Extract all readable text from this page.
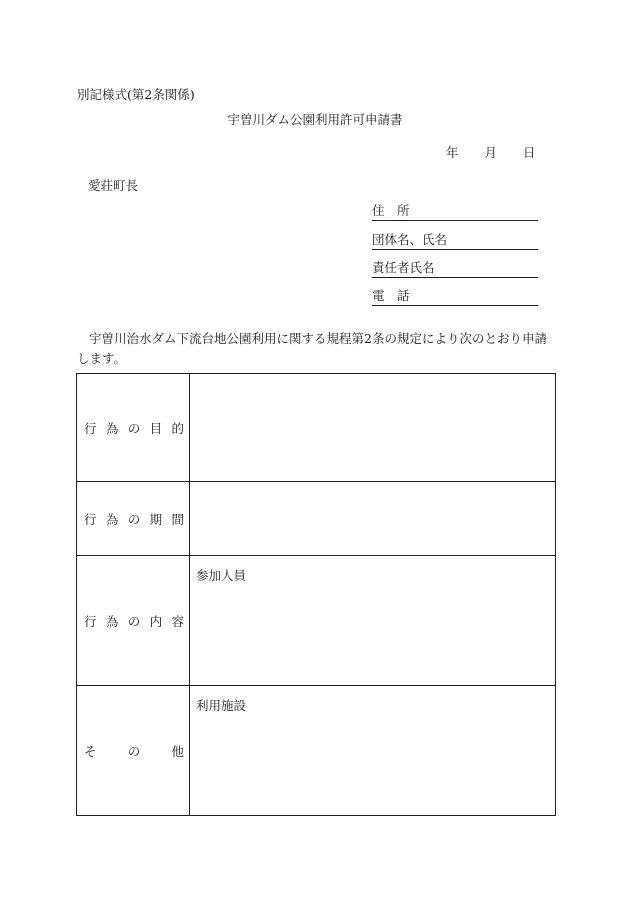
別記様式(第2条関係)
宇曽川ダム公園利用許可申請書
年 月 日
愛荘町長
住　所
団体名、氏名
責任者氏名
電　話
宇曽川治水ダム下流台地公園利用に関する規程第2条の規定により次のとおり申請します。
行 為 の 目 的	

行 為 の 期 間	

行 為 の 内 容	参加人員

そ の 他	利用施設
